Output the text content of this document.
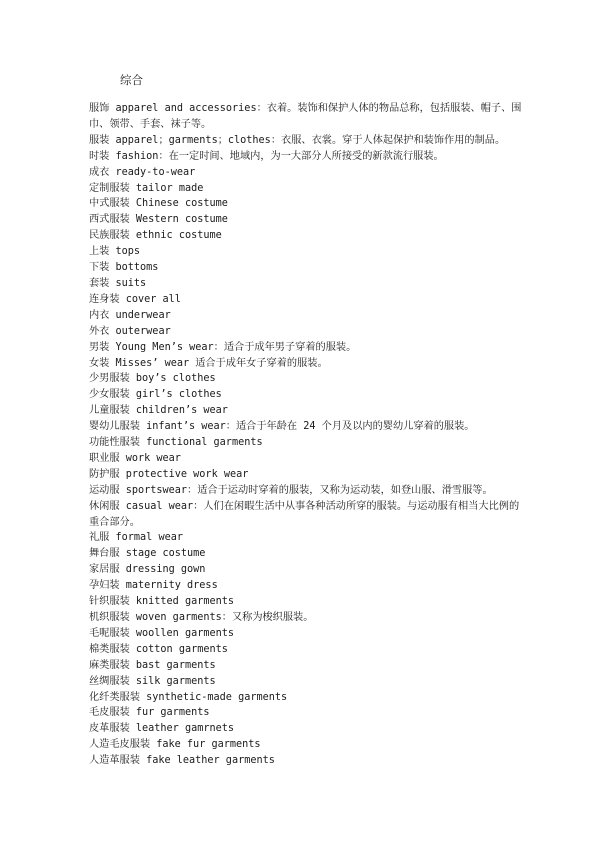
综合
服饰 apparel and accessories：衣着。装饰和保护人体的物品总称，包括服装、帽子、围巾、领带、手套、袜子等。
服装 apparel；garments；clothes：衣服、衣裳。穿于人体起保护和装饰作用的制品。
时装 fashion：在一定时间、地域内，为一大部分人所接受的新款流行服装。
成衣 ready-to-wear
定制服装 tailor made
中式服装 Chinese costume
西式服装 Western costume
民族服装 ethnic costume
上装 tops
下装 bottoms
套装 suits
连身装 cover all
内衣 underwear
外衣 outerwear
男装 Young Men’s wear：适合于成年男子穿着的服装。
女装 Misses’ wear 适合于成年女子穿着的服装。
少男服装 boy’s clothes
少女服装 girl’s clothes
儿童服装 children’s wear
婴幼儿服装 infant’s wear：适合于年龄在 24 个月及以内的婴幼儿穿着的服装。
功能性服装 functional garments
职业服 work wear
防护服 protective work wear
运动服 sportswear：适合于运动时穿着的服装，又称为运动装，如登山服、滑雪服等。
休闲服 casual wear：人们在闲暇生活中从事各种活动所穿的服装。与运动服有相当大比例的重合部分。
礼服 formal wear
舞台服 stage costume
家居服 dressing gown
孕妇装 maternity dress
针织服装 knitted garments
机织服装 woven garments：又称为梭织服装。
毛呢服装 woollen garments
棉类服装 cotton garments
麻类服装 bast garments
丝绸服装 silk garments
化纤类服装 synthetic-made garments
毛皮服装 fur garments
皮革服装 leather gamrnets
人造毛皮服装 fake fur garments
人造革服装 fake leather garments
